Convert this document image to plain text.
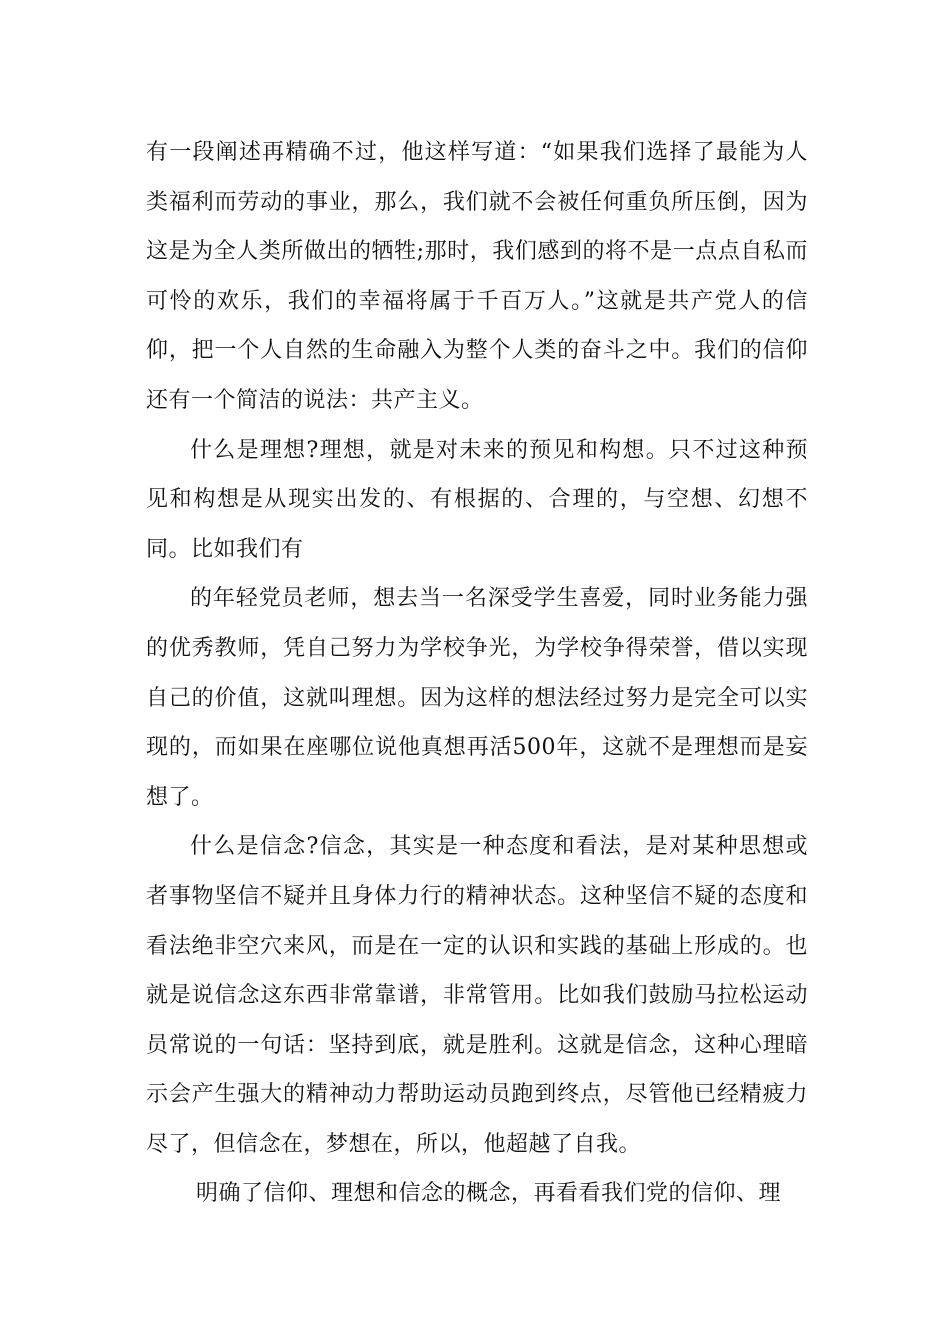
有一段阐述再精确不过，他这样写道：“如果我们选择了最能为人类福利而劳动的事业，那么，我们就不会被任何重负所压倒，因为这是为全人类所做出的牺牲;那时，我们感到的将不是一点点自私而可怜的欢乐，我们的幸福将属于千百万人。”这就是共产党人的信仰，把一个人自然的生命融入为整个人类的奋斗之中。我们的信仰还有一个简洁的说法：共产主义。

什么是理想?理想，就是对未来的预见和构想。只不过这种预见和构想是从现实出发的、有根据的、合理的，与空想、幻想不同。比如我们有

的年轻党员老师，想去当一名深受学生喜爱，同时业务能力强的优秀教师，凭自己努力为学校争光，为学校争得荣誉，借以实现自己的价值，这就叫理想。因为这样的想法经过努力是完全可以实现的，而如果在座哪位说他真想再活500年，这就不是理想而是妄想了。

什么是信念?信念，其实是一种态度和看法，是对某种思想或者事物坚信不疑并且身体力行的精神状态。这种坚信不疑的态度和看法绝非空穴来风，而是在一定的认识和实践的基础上形成的。也就是说信念这东西非常靠谱，非常管用。比如我们鼓励马拉松运动员常说的一句话：坚持到底，就是胜利。这就是信念，这种心理暗示会产生强大的精神动力帮助运动员跑到终点，尽管他已经精疲力尽了，但信念在，梦想在，所以，他超越了自我。

明确了信仰、理想和信念的概念，再看看我们党的信仰、理
